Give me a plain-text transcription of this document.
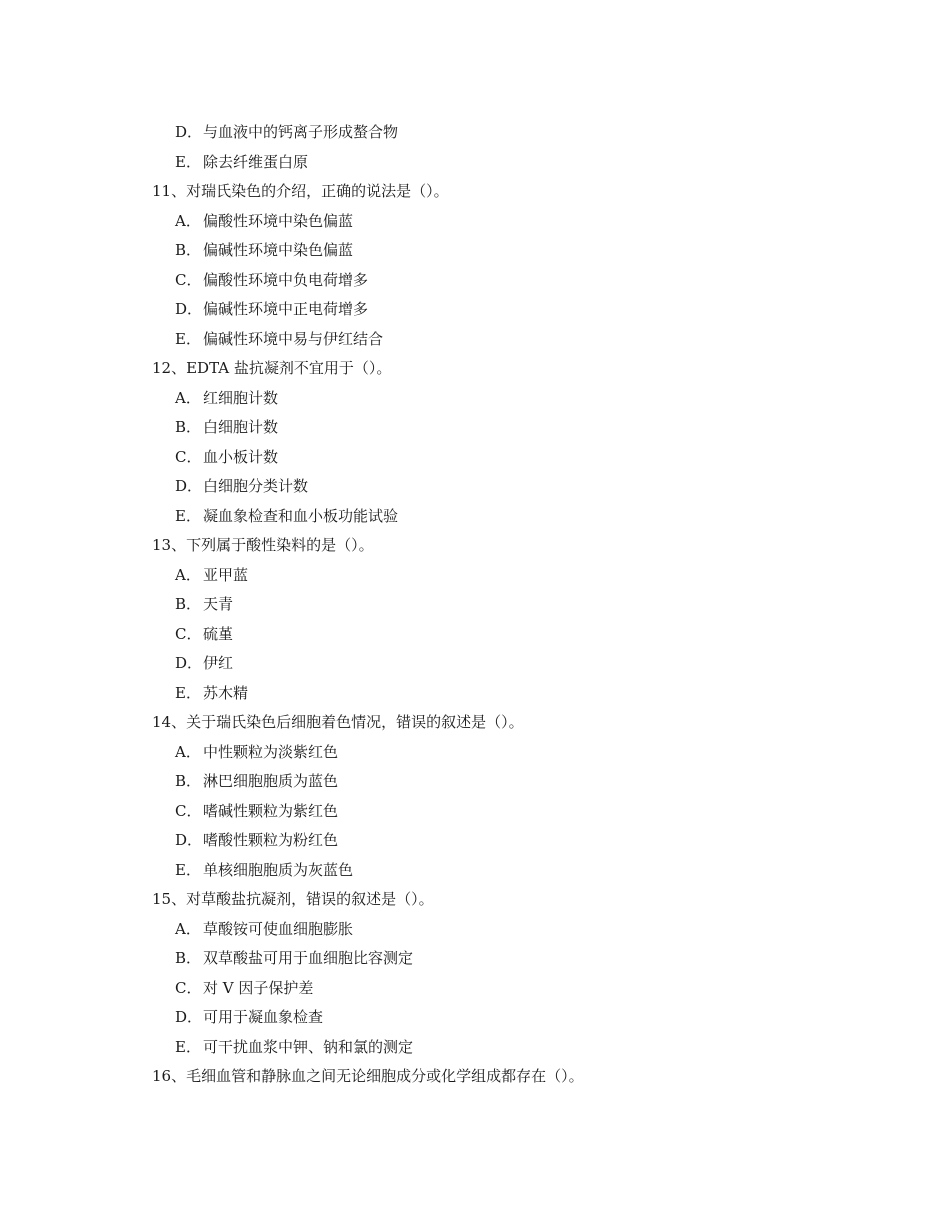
D．与血液中的钙离子形成螯合物
E． 除去纤维蛋白原
11、对瑞氏染色的介绍，正确的说法是（）。
A． 偏酸性环境中染色偏蓝
B． 偏碱性环境中染色偏蓝
C． 偏酸性环境中负电荷增多
D．偏碱性环境中正电荷增多
E． 偏碱性环境中易与伊红结合
12、EDTA 盐抗凝剂不宜用于（）。
A． 红细胞计数
B． 白细胞计数
C． 血小板计数
D．白细胞分类计数
E． 凝血象检查和血小板功能试验
13、下列属于酸性染料的是（）。
A． 亚甲蓝
B． 天青
C． 硫堇
D．伊红
E． 苏木精
14、关于瑞氏染色后细胞着色情况，错误的叙述是（）。
A． 中性颗粒为淡紫红色
B． 淋巴细胞胞质为蓝色
C． 嗜碱性颗粒为紫红色
D．嗜酸性颗粒为粉红色
E． 单核细胞胞质为灰蓝色
15、对草酸盐抗凝剂，错误的叙述是（）。
A． 草酸铵可使血细胞膨胀
B． 双草酸盐可用于血细胞比容测定
C． 对 V 因子保护差
D．可用于凝血象检查
E． 可干扰血浆中钾、钠和氯的测定
16、毛细血管和静脉血之间无论细胞成分或化学组成都存在（）。
